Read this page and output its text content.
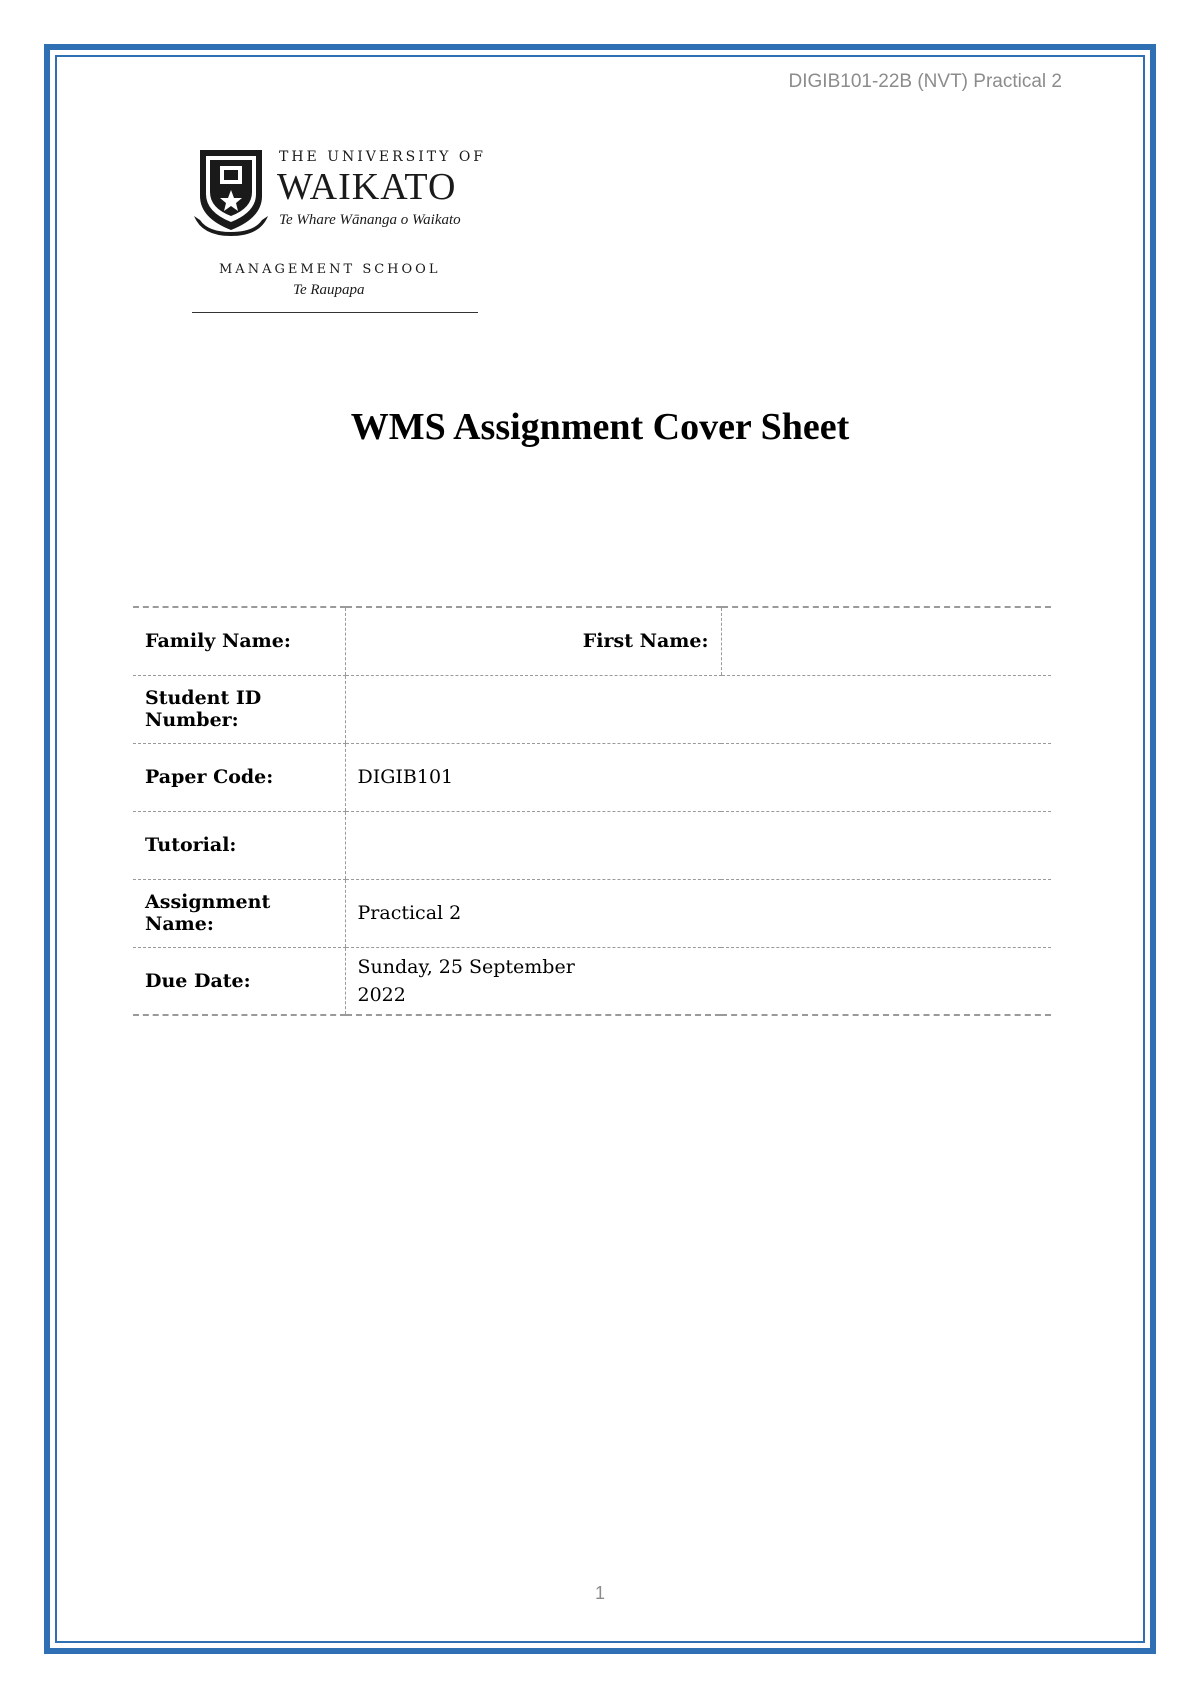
DIGIB101-22B (NVT) Practical 2
THE UNIVERSITY OF
WAIKATO
Te Whare Wānanga o Waikato
MANAGEMENT SCHOOL
Te Raupapa
WMS Assignment Cover Sheet
Family Name:	First Name:	
Student ID Number:		
Paper Code:	DIGIB101	
Tutorial:		
Assignment Name:	Practical 2	
Due Date:	Sunday, 25 September 2022	
1
